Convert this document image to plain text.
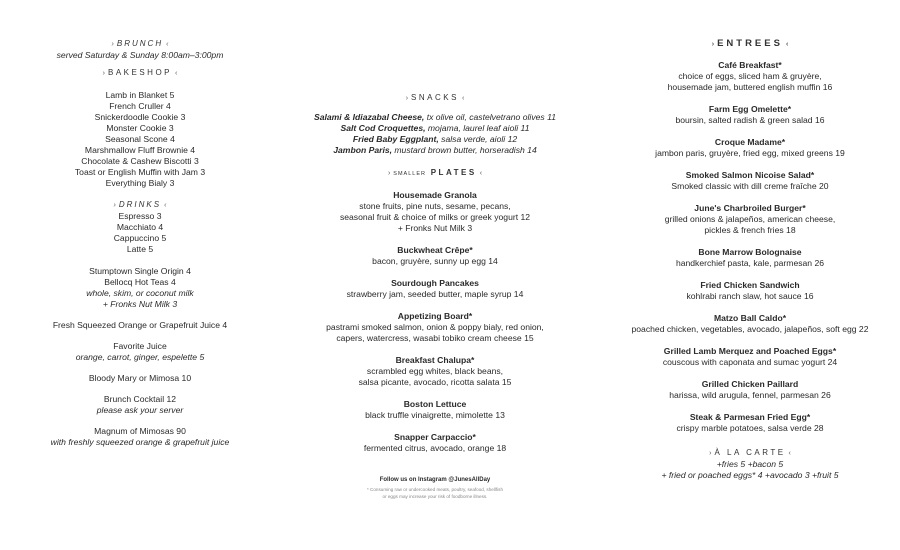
› BRUNCH ‹
served Saturday & Sunday 8:00am–3:00pm
› BAKESHOP ‹
Lamb in Blanket 5
French Cruller 4
Snickerdoodle Cookie 3
Monster Cookie 3
Seasonal Scone 4
Marshmallow Fluff Brownie 4
Chocolate & Cashew Biscotti 3
Toast or English Muffin with Jam 3
Everything Bialy 3
› DRINKS ‹
Espresso 3
Macchiato 4
Cappuccino 5
Latte 5
Stumptown Single Origin 4
Bellocq Hot Teas 4
whole, skim, or coconut milk
+ Fronks Nut Milk 3
Fresh Squeezed Orange or Grapefruit Juice 4
Favorite Juice
orange, carrot, ginger, espelette 5
Bloody Mary or Mimosa 10
Brunch Cocktail 12
please ask your server
Magnum of Mimosas 90
with freshly squeezed orange & grapefruit juice
› SNACKS ‹
Salami & Idiazabal Cheese, tx olive oil, castelvetrano olives 11
Salt Cod Croquettes, mojama, laurel leaf aioli 11
Fried Baby Eggplant, salsa verde, aioli 12
Jambon Paris, mustard brown butter, horseradish 14
› SMALLER PLATES ‹
Housemade Granola
stone fruits, pine nuts, sesame, pecans,
seasonal fruit & choice of milks or greek yogurt 12
+ Fronks Nut Milk 3
Buckwheat Crêpe*
bacon, gruyère, sunny up egg 14
Sourdough Pancakes
strawberry jam, seeded butter, maple syrup 14
Appetizing Board*
pastrami smoked salmon, onion & poppy bialy, red onion,
capers, watercress, wasabi tobiko cream cheese 15
Breakfast Chalupa*
scrambled egg whites, black beans,
salsa picante, avocado, ricotta salata 15
Boston Lettuce
black truffle vinaigrette, mimolette 13
Snapper Carpaccio*
fermented citrus, avocado, orange 18
Follow us on Instagram @JunesAllDay
* Consuming raw or undercooked meats, poultry, seafood, shellfish
or eggs may increase your risk of foodborne illness.
› ENTREES ‹
Café Breakfast*
choice of eggs, sliced ham & gruyère,
housemade jam, buttered english muffin 16
Farm Egg Omelette*
boursin, salted radish & green salad 16
Croque Madame*
jambon paris, gruyère, fried egg, mixed greens 19
Smoked Salmon Nicoise Salad*
Smoked classic with dill creme fraîche 20
June's Charbroiled Burger*
grilled onions & jalapeños, american cheese,
pickles & french fries 18
Bone Marrow Bolognaise
handkerchief pasta, kale, parmesan 26
Fried Chicken Sandwich
kohlrabi ranch slaw, hot sauce 16
Matzo Ball Caldo*
poached chicken, vegetables, avocado, jalapeños, soft egg 22
Grilled Lamb Merquez and Poached Eggs*
couscous with caponata and sumac yogurt 24
Grilled Chicken Paillard
harissa, wild arugula, fennel, parmesan 26
Steak & Parmesan Fried Egg*
crispy marble potatoes, salsa verde 28
› À LA CARTE ‹
+fries 5 +bacon 5
+ fried or poached eggs* 4 +avocado 3 +fruit 5
